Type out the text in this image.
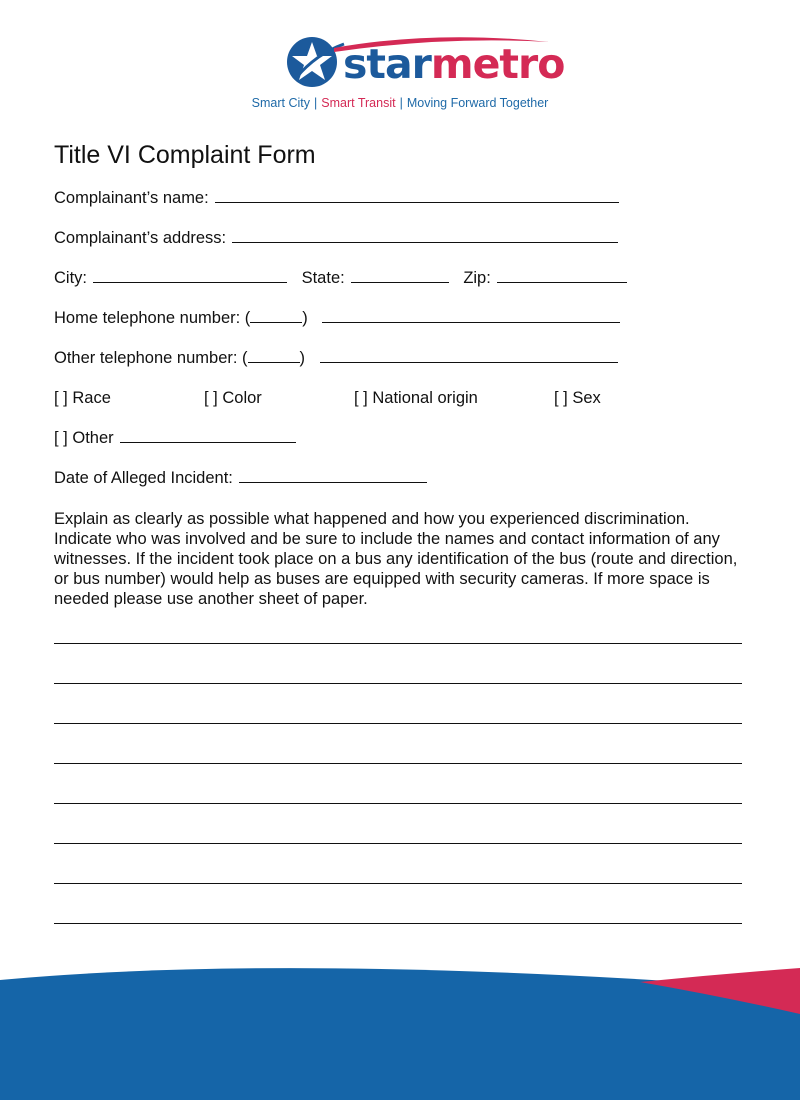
starmetro
Smart City | Smart Transit | Moving Forward Together
Title VI Complaint Form
Complainant’s name:
Complainant’s address:
City:	State:	Zip:
Home telephone number: (	)
Other telephone number: (	)
[ ] Race	[ ] Color	[ ] National origin	[ ] Sex
[ ] Other
Date of Alleged Incident:
Explain as clearly as possible what happened and how you experienced discrimination. Indicate who was involved and be sure to include the names and contact information of any witnesses. If the incident took place on a bus any identification of the bus (route and direction, or bus number) would help as buses are equipped with security cameras. If more space is needed please use another sheet of paper.
